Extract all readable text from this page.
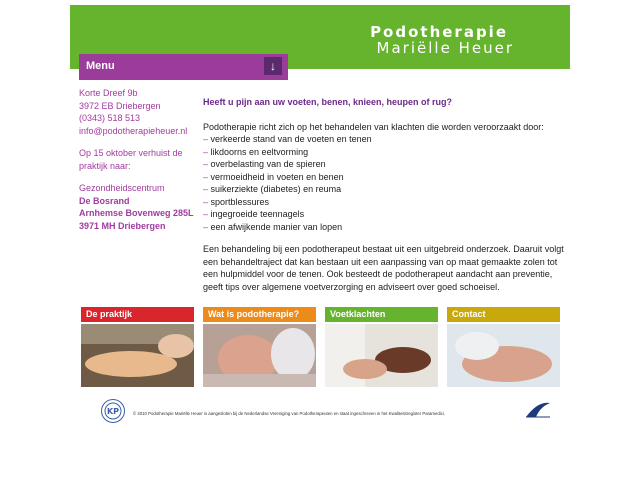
Podotherapie
Mariëlle Heuer
Menu	↓
Korte Dreef 9b
3972 EB Driebergen
(0343) 518 513
info@podotherapieheuer.nl
Op 15 oktober verhuist de praktijk naar:
Gezondheidscentrum
De Bosrand
Arnhemse Bovenweg 285L
3971 MH Driebergen
Heeft u pijn aan uw voeten, benen, knieen, heupen of rug?

Podotherapie richt zich op het behandelen van klachten die worden veroorzaakt door:

– verkeerde stand van de voeten en tenen
– likdoorns en eeltvorming
– overbelasting van de spieren
– vermoeidheid in voeten en benen
– suikerziekte (diabetes) en reuma
– sportblessures
– ingegroeide teennagels
– een afwijkende manier van lopen

Een behandeling bij een podotherapeut bestaat uit een uitgebreid onderzoek. Daaruit volgt een behandeltraject dat kan bestaan uit een aanpassing van op maat gemaakte zolen tot een hulpmiddel voor de tenen. Ook besteedt de podotherapeut aandacht aan preventie, geeft tips over algemene voetverzorging en adviseert over goed schoeisel.

De praktijk	Wat is podotherapie?	Voetklachten	Contact
KP	© 2010 Podotherapie Mariëlle Heuer is aangesloten bij de Nederlandse Vereniging van Podotherapeuten en staat ingeschreven in het Kwaliteitsregister Paramedici.
